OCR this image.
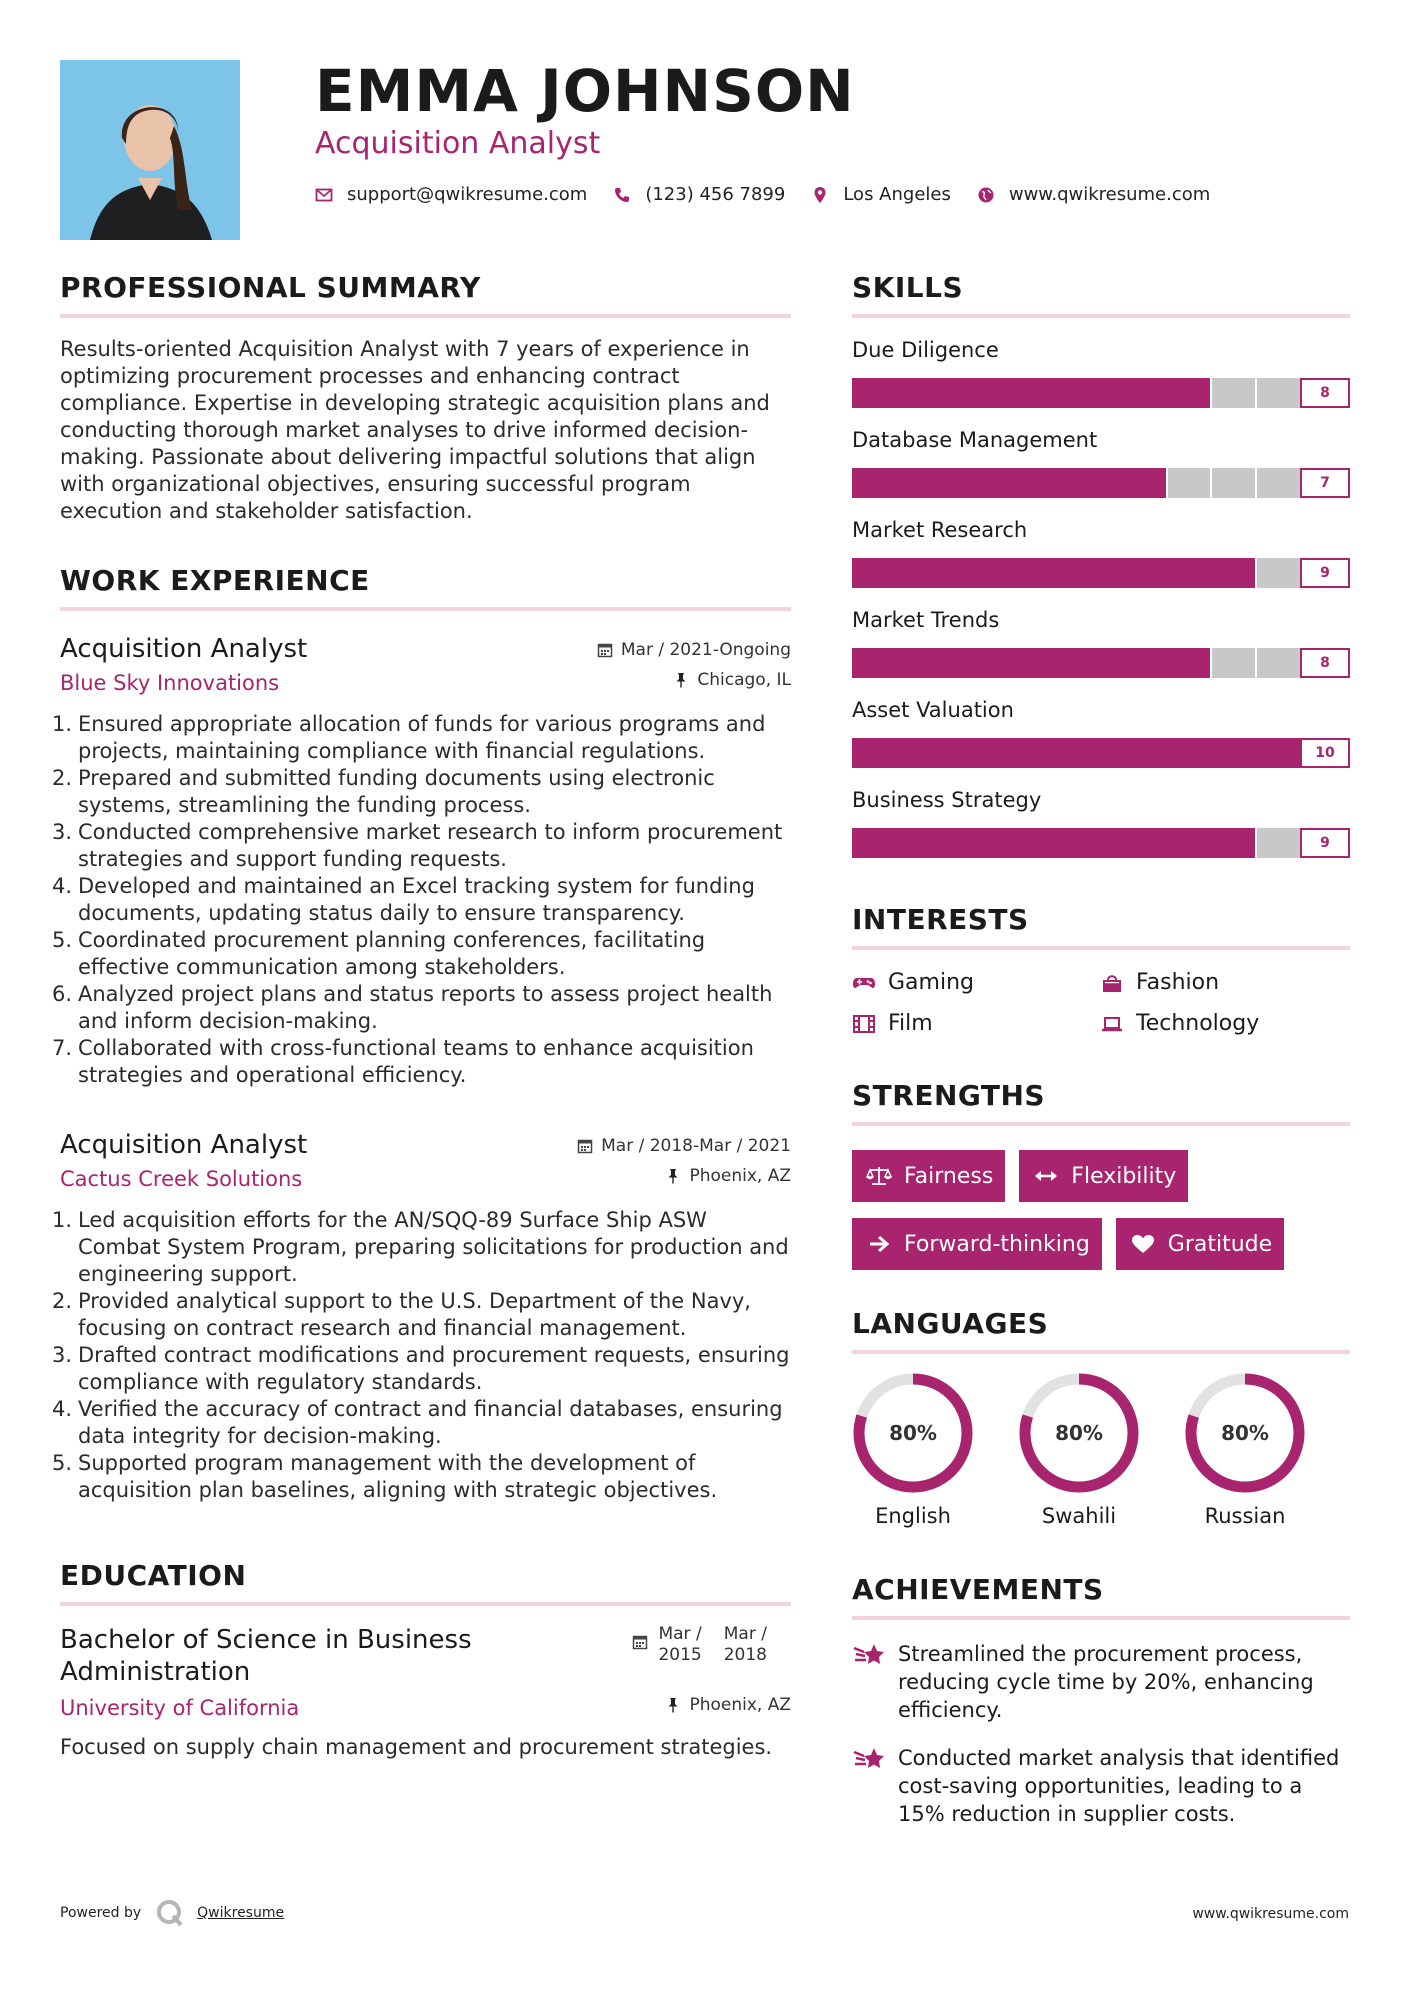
EMMA JOHNSON
Acquisition Analyst
support@qwikresume.com	(123) 456 7899	Los Angeles	www.qwikresume.com
PROFESSIONAL SUMMARY
Results-oriented Acquisition Analyst with 7 years of experience in optimizing procurement processes and enhancing contract compliance. Expertise in developing strategic acquisition plans and conducting thorough market analyses to drive informed decision-making. Passionate about delivering impactful solutions that align with organizational objectives, ensuring successful program execution and stakeholder satisfaction.
WORK EXPERIENCE
Acquisition Analyst	Mar / 2021-Ongoing
Blue Sky Innovations	Chicago, IL
1. Ensured appropriate allocation of funds for various programs and projects, maintaining compliance with financial regulations.
2. Prepared and submitted funding documents using electronic systems, streamlining the funding process.
3. Conducted comprehensive market research to inform procurement strategies and support funding requests.
4. Developed and maintained an Excel tracking system for funding documents, updating status daily to ensure transparency.
5. Coordinated procurement planning conferences, facilitating effective communication among stakeholders.
6. Analyzed project plans and status reports to assess project health and inform decision-making.
7. Collaborated with cross-functional teams to enhance acquisition strategies and operational efficiency.
Acquisition Analyst	Mar / 2018-Mar / 2021
Cactus Creek Solutions	Phoenix, AZ
1. Led acquisition efforts for the AN/SQQ-89 Surface Ship ASW Combat System Program, preparing solicitations for production and engineering support.
2. Provided analytical support to the U.S. Department of the Navy, focusing on contract research and financial management.
3. Drafted contract modifications and procurement requests, ensuring compliance with regulatory standards.
4. Verified the accuracy of contract and financial databases, ensuring data integrity for decision-making.
5. Supported program management with the development of acquisition plan baselines, aligning with strategic objectives.
EDUCATION
Bachelor of Science in Business Administration
Mar /
2015
Mar /
2018
University of California	Phoenix, AZ
Focused on supply chain management and procurement strategies.
SKILLS
Due Diligence
8
Database Management
7
Market Research
9
Market Trends
8
Asset Valuation
10
Business Strategy
9
INTERESTS
Gaming	Fashion
Film	Technology
STRENGTHS
Fairness	Flexibility
Forward-thinking	Gratitude
LANGUAGES
80%
English
80%
Swahili
80%
Russian
ACHIEVEMENTS
Streamlined the procurement process, reducing cycle time by 20%, enhancing efficiency.
Conducted market analysis that identified cost-saving opportunities, leading to a 15% reduction in supplier costs.
Powered by	Qwikresume	www.qwikresume.com
